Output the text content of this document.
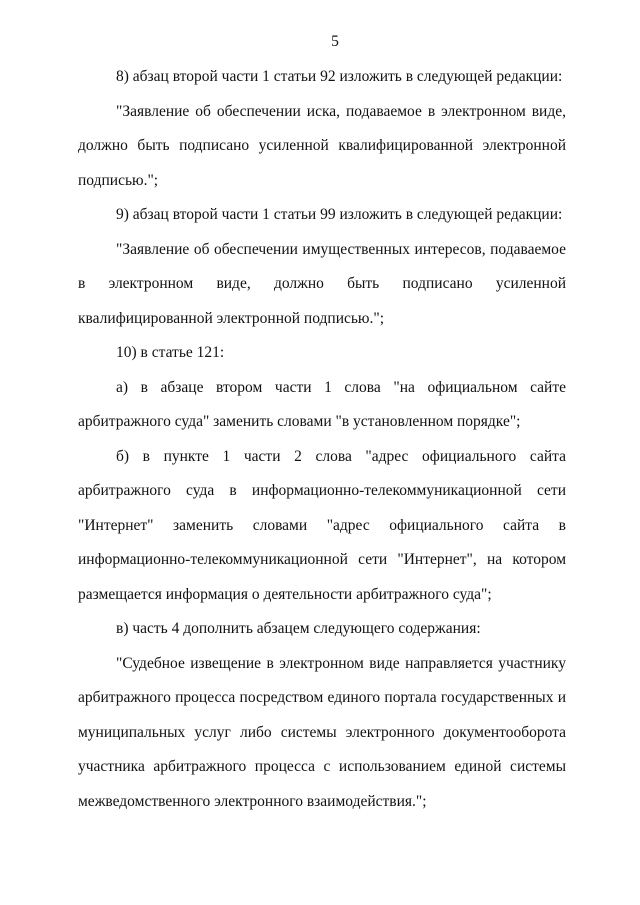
5

8) абзац второй части 1 статьи 92 изложить в следующей редакции:

"Заявление об обеспечении иска, подаваемое в электронном виде, должно быть подписано усиленной квалифицированной электронной подписью.";

9) абзац второй части 1 статьи 99 изложить в следующей редакции:

"Заявление об обеспечении имущественных интересов, подаваемое в электронном виде, должно быть подписано усиленной квалифицированной электронной подписью.";

10) в статье 121:

а) в абзаце втором части 1 слова "на официальном сайте арбитражного суда" заменить словами "в установленном порядке";

б) в пункте 1 части 2 слова "адрес официального сайта арбитражного суда в информационно-телекоммуникационной сети "Интернет" заменить словами "адрес официального сайта в информационно-телекоммуникационной сети "Интернет", на котором размещается информация о деятельности арбитражного суда";

в) часть 4 дополнить абзацем следующего содержания:

"Судебное извещение в электронном виде направляется участнику арбитражного процесса посредством единого портала государственных и муниципальных услуг либо системы электронного документооборота участника арбитражного процесса с использованием единой системы межведомственного электронного взаимодействия.";
